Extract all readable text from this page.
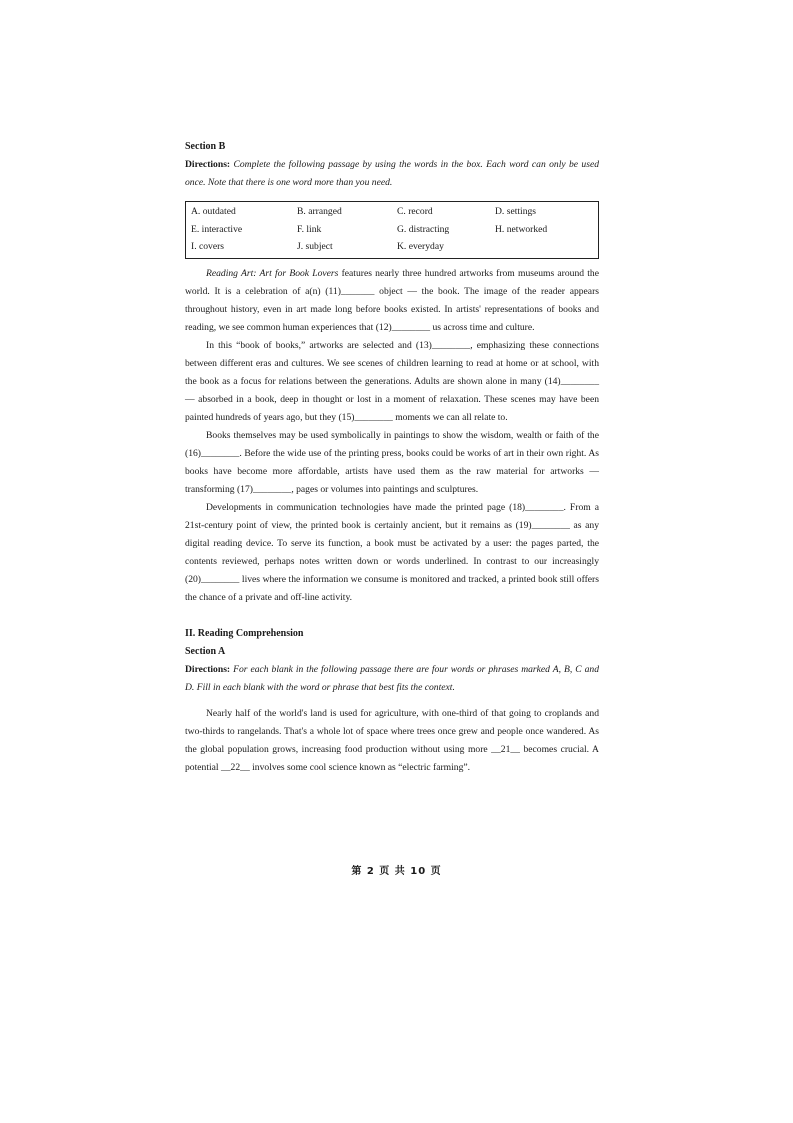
Section B
Directions: Complete the following passage by using the words in the box. Each word can only be used once. Note that there is one word more than you need.
A. outdated	B. arranged	C. record	D. settings
E. interactive	F. link	G. distracting	H. networked
I. covers	J. subject	K. everyday

Reading Art: Art for Book Lovers features nearly three hundred artworks from museums around the world. It is a celebration of a(n) (11)_______ object — the book. The image of the reader appears throughout history, even in art made long before books existed. In artists' representations of books and reading, we see common human experiences that (12)________ us across time and culture.

In this “book of books,” artworks are selected and (13)________, emphasizing these connections between different eras and cultures. We see scenes of children learning to read at home or at school, with the book as a focus for relations between the generations. Adults are shown alone in many (14)________ — absorbed in a book, deep in thought or lost in a moment of relaxation. These scenes may have been painted hundreds of years ago, but they (15)________ moments we can all relate to.

Books themselves may be used symbolically in paintings to show the wisdom, wealth or faith of the (16)________. Before the wide use of the printing press, books could be works of art in their own right. As books have become more affordable, artists have used them as the raw material for artworks — transforming (17)________, pages or volumes into paintings and sculptures.

Developments in communication technologies have made the printed page (18)________. From a 21st-century point of view, the printed book is certainly ancient, but it remains as (19)________ as any digital reading device. To serve its function, a book must be activated by a user: the pages parted, the contents reviewed, perhaps notes written down or words underlined. In contrast to our increasingly (20)________ lives where the information we consume is monitored and tracked, a printed book still offers the chance of a private and off-line activity.

II. Reading Comprehension
Section A
Directions: For each blank in the following passage there are four words or phrases marked A, B, C and D. Fill in each blank with the word or phrase that best fits the context.

Nearly half of the world's land is used for agriculture, with one-third of that going to croplands and two-thirds to rangelands. That's a whole lot of space where trees once grew and people once wandered. As the global population grows, increasing food production without using more __21__ becomes crucial. A potential __22__ involves some cool science known as “electric farming”.

第 2 页 共 10 页
